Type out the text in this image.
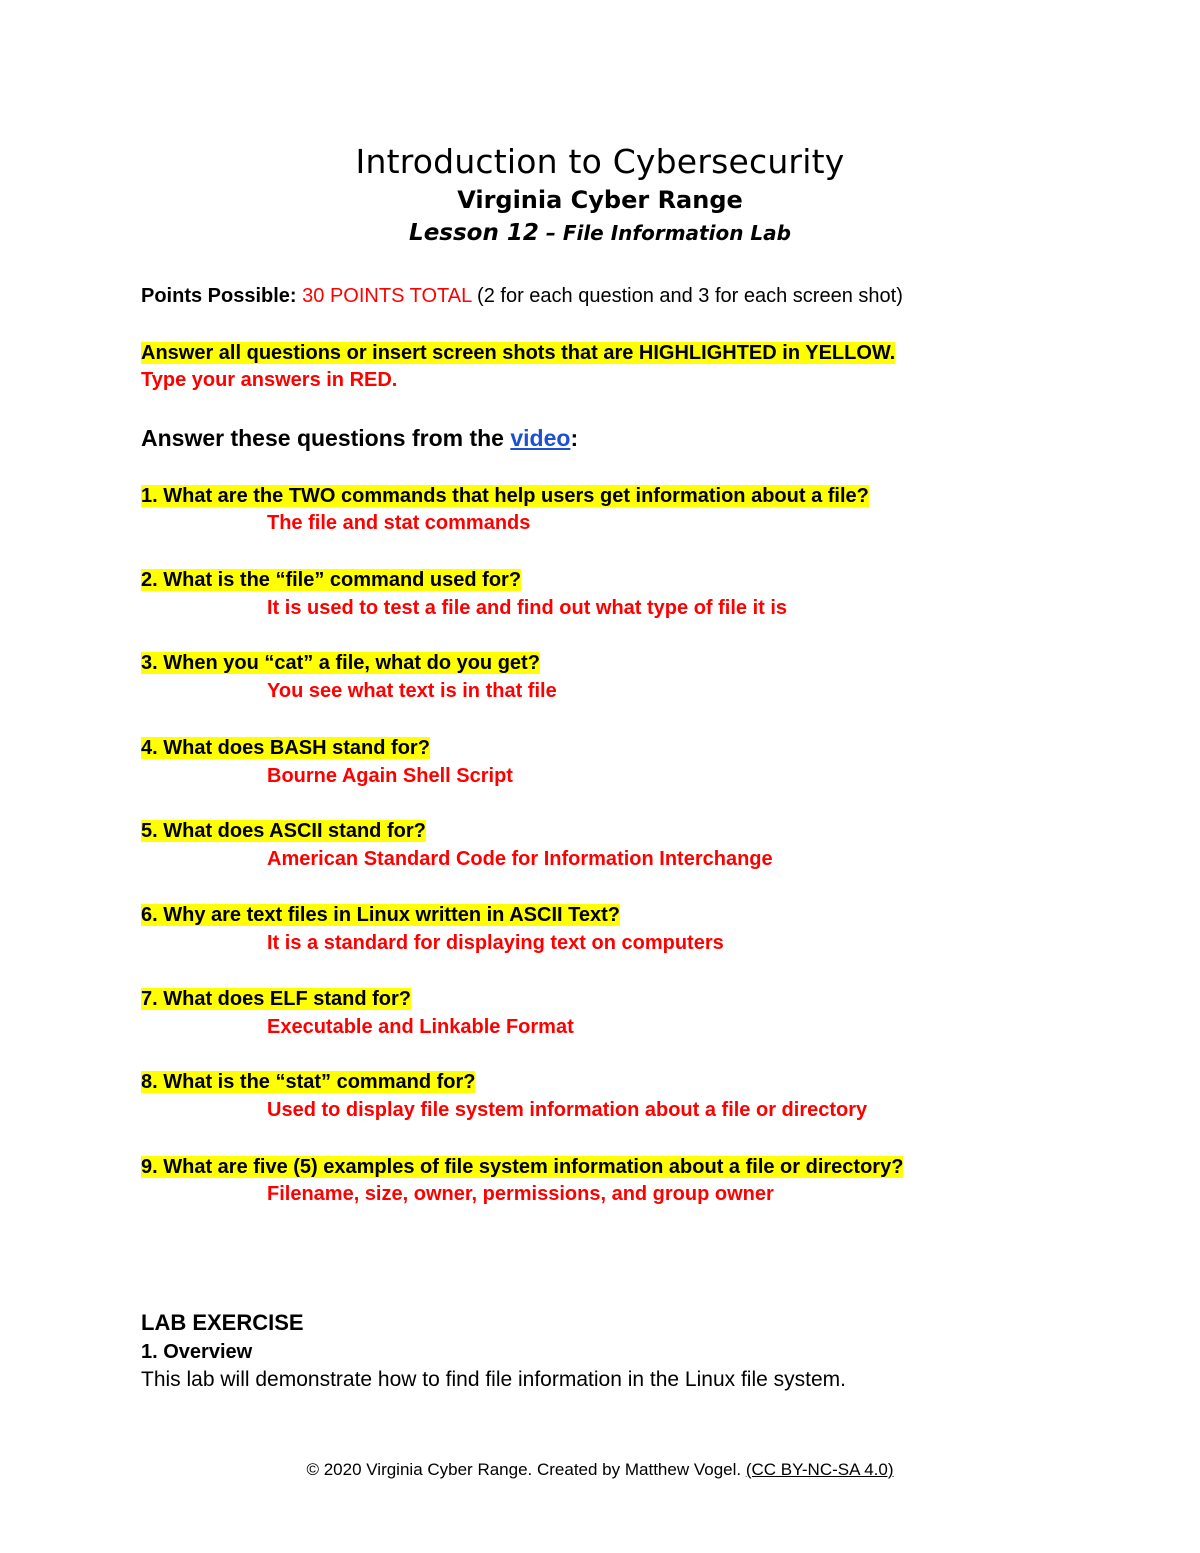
Introduction to Cybersecurity
Virginia Cyber Range
Lesson 12 – File Information Lab
Points Possible: 30 POINTS TOTAL (2 for each question and 3 for each screen shot)
Answer all questions or insert screen shots that are HIGHLIGHTED in YELLOW.
Type your answers in RED.
Answer these questions from the video:
1. What are the TWO commands that help users get information about a file?
The file and stat commands
2. What is the “file” command used for?
It is used to test a file and find out what type of file it is
3. When you “cat” a file, what do you get?
You see what text is in that file
4. What does BASH stand for?
Bourne Again Shell Script
5. What does ASCII stand for?
American Standard Code for Information Interchange
6. Why are text files in Linux written in ASCII Text?
It is a standard for displaying text on computers
7. What does ELF stand for?
Executable and Linkable Format
8. What is the “stat” command for?
Used to display file system information about a file or directory
9. What are five (5) examples of file system information about a file or directory?
Filename, size, owner, permissions, and group owner
LAB EXERCISE
1. Overview
This lab will demonstrate how to find file information in the Linux file system.
© 2020 Virginia Cyber Range. Created by Matthew Vogel. (CC BY-NC-SA 4.0)
